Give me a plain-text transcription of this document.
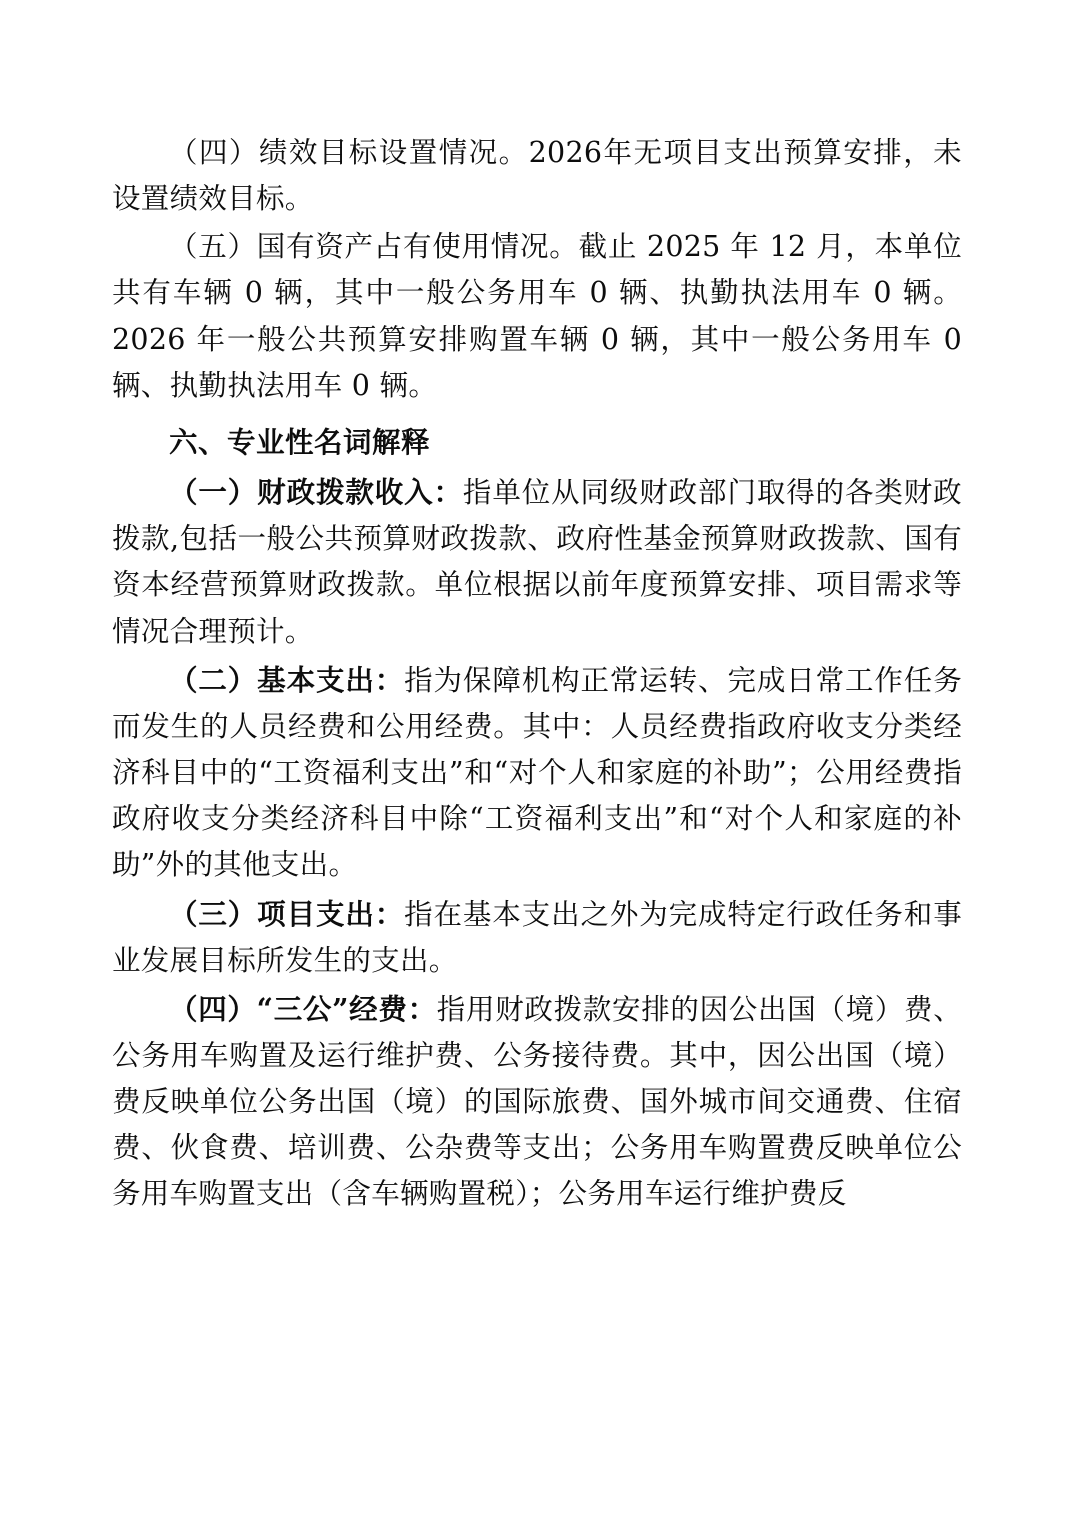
（四）绩效目标设置情况。2026年无项目支出预算安排，未设置绩效目标。

（五）国有资产占有使用情况。截止 2025 年 12 月，本单位共有车辆 0 辆，其中一般公务用车 0 辆、执勤执法用车 0 辆。2026 年一般公共预算安排购置车辆 0 辆，其中一般公务用车 0 辆、执勤执法用车 0 辆。

六、专业性名词解释

（一）财政拨款收入：指单位从同级财政部门取得的各类财政拨款,包括一般公共预算财政拨款、政府性基金预算财政拨款、国有资本经营预算财政拨款。单位根据以前年度预算安排、项目需求等情况合理预计。

（二）基本支出：指为保障机构正常运转、完成日常工作任务而发生的人员经费和公用经费。其中：人员经费指政府收支分类经济科目中的“工资福利支出”和“对个人和家庭的补助”；公用经费指政府收支分类经济科目中除“工资福利支出”和“对个人和家庭的补助”外的其他支出。

（三）项目支出：指在基本支出之外为完成特定行政任务和事业发展目标所发生的支出。

（四）“三公”经费：指用财政拨款安排的因公出国（境）费、公务用车购置及运行维护费、公务接待费。其中，因公出国（境）费反映单位公务出国（境）的国际旅费、国外城市间交通费、住宿费、伙食费、培训费、公杂费等支出；公务用车购置费反映单位公务用车购置支出（含车辆购置税）；公务用车运行维护费反
